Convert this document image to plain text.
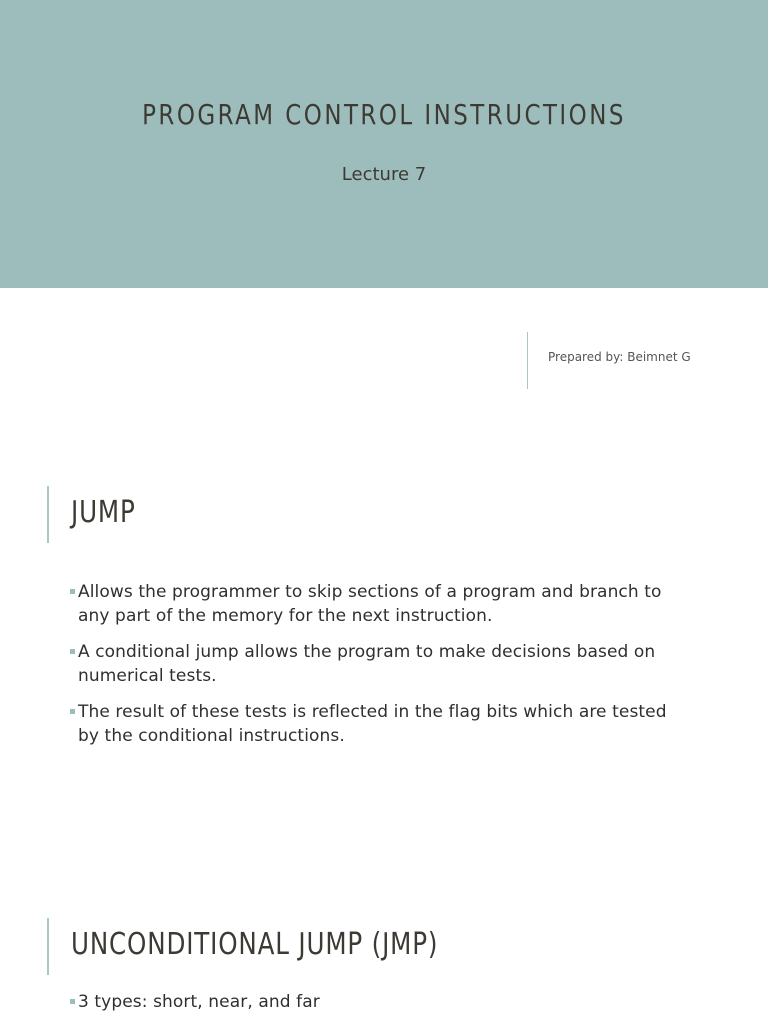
PROGRAM CONTROL INSTRUCTIONS
Lecture 7
Prepared by: Beimnet G
JUMP
Allows the programmer to skip sections of a program and branch to any part of the memory for the next instruction.
A conditional jump allows the program to make decisions based on numerical tests.
The result of these tests is reflected in the flag bits which are tested by the conditional instructions.
UNCONDITIONAL JUMP (JMP)
3 types: short, near, and far
